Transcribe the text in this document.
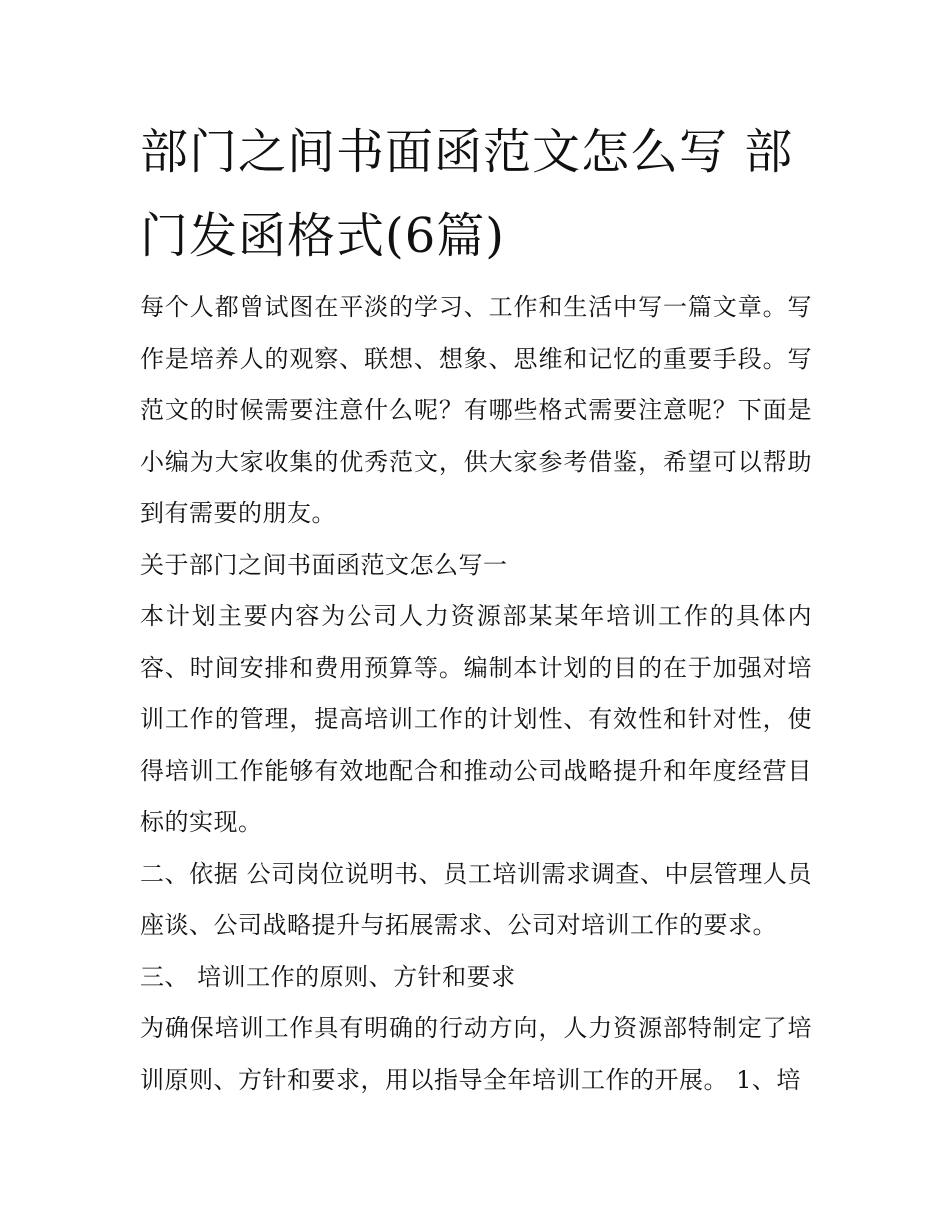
部门之间书面函范文怎么写 部门发函格式(6篇)

每个人都曾试图在平淡的学习、工作和生活中写一篇文章。写作是培养人的观察、联想、想象、思维和记忆的重要手段。写范文的时候需要注意什么呢？有哪些格式需要注意呢？下面是小编为大家收集的优秀范文，供大家参考借鉴，希望可以帮助到有需要的朋友。

关于部门之间书面函范文怎么写一

本计划主要内容为公司人力资源部某某年培训工作的具体内容、时间安排和费用预算等。编制本计划的目的在于加强对培训工作的管理，提高培训工作的计划性、有效性和针对性，使得培训工作能够有效地配合和推动公司战略提升和年度经营目标的实现。

二、依据 公司岗位说明书、员工培训需求调查、中层管理人员座谈、公司战略提升与拓展需求、公司对培训工作的要求。

三、 培训工作的原则、方针和要求

为确保培训工作具有明确的行动方向，人力资源部特制定了培训原则、方针和要求，用以指导全年培训工作的开展。 1、培
